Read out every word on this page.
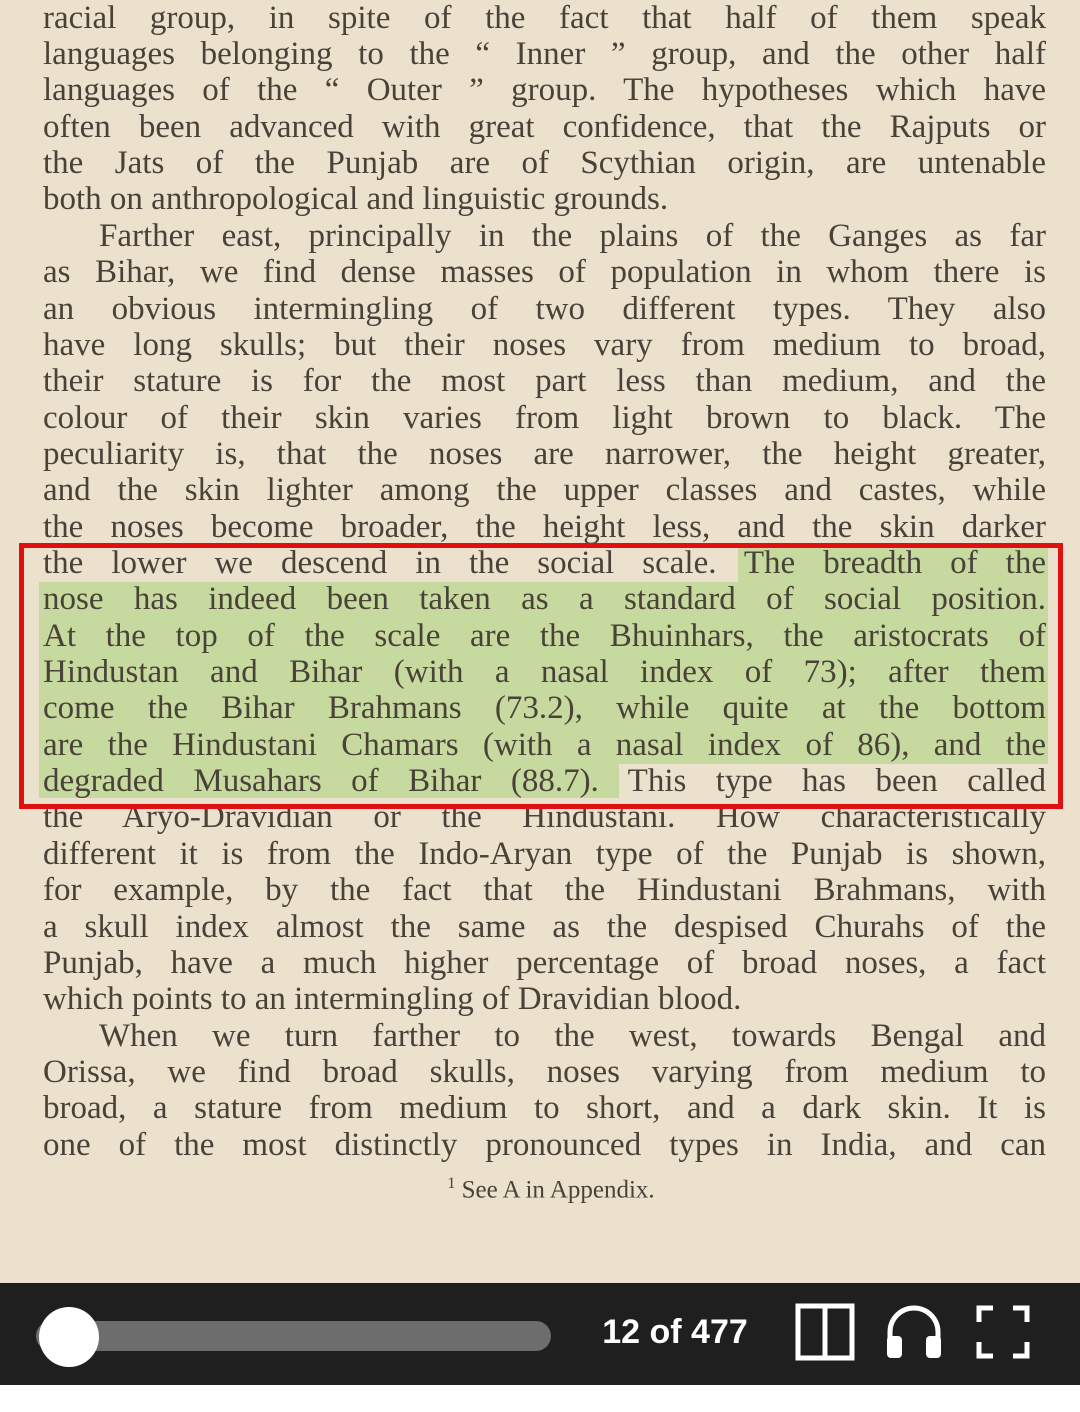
racial group, in spite of the fact that half of them speak
languages belonging to the “ Inner ” group, and the other half
languages of the “ Outer ” group. The hypotheses which have
often been advanced with great confidence, that the Rajputs or
the Jats of the Punjab are of Scythian origin, are untenable
both on anthropological and linguistic grounds.
Farther east, principally in the plains of the Ganges as far
as Bihar, we find dense masses of population in whom there is
an obvious intermingling of two different types. They also
have long skulls; but their noses vary from medium to broad,
their stature is for the most part less than medium, and the
colour of their skin varies from light brown to black. The
peculiarity is, that the noses are narrower, the height greater,
and the skin lighter among the upper classes and castes, while
the noses become broader, the height less, and the skin darker
the lower we descend in the social scale. The breadth of the
nose has indeed been taken as a standard of social position.
At the top of the scale are the Bhuinhars, the aristocrats of
Hindustan and Bihar (with a nasal index of 73); after them
come the Bihar Brahmans (73.2), while quite at the bottom
are the Hindustani Chamars (with a nasal index of 86), and the
degraded Musahars of Bihar (88.7). This type has been called
the Aryo-Dravidian or the Hindustani. How characteristically
different it is from the Indo-Aryan type of the Punjab is shown,
for example, by the fact that the Hindustani Brahmans, with
a skull index almost the same as the despised Churahs of the
Punjab, have a much higher percentage of broad noses, a fact
which points to an intermingling of Dravidian blood.
When we turn farther to the west, towards Bengal and
Orissa, we find broad skulls, noses varying from medium to
broad, a stature from medium to short, and a dark skin. It is
one of the most distinctly pronounced types in India, and can
$^1$ See A in Appendix.
12 of 477
